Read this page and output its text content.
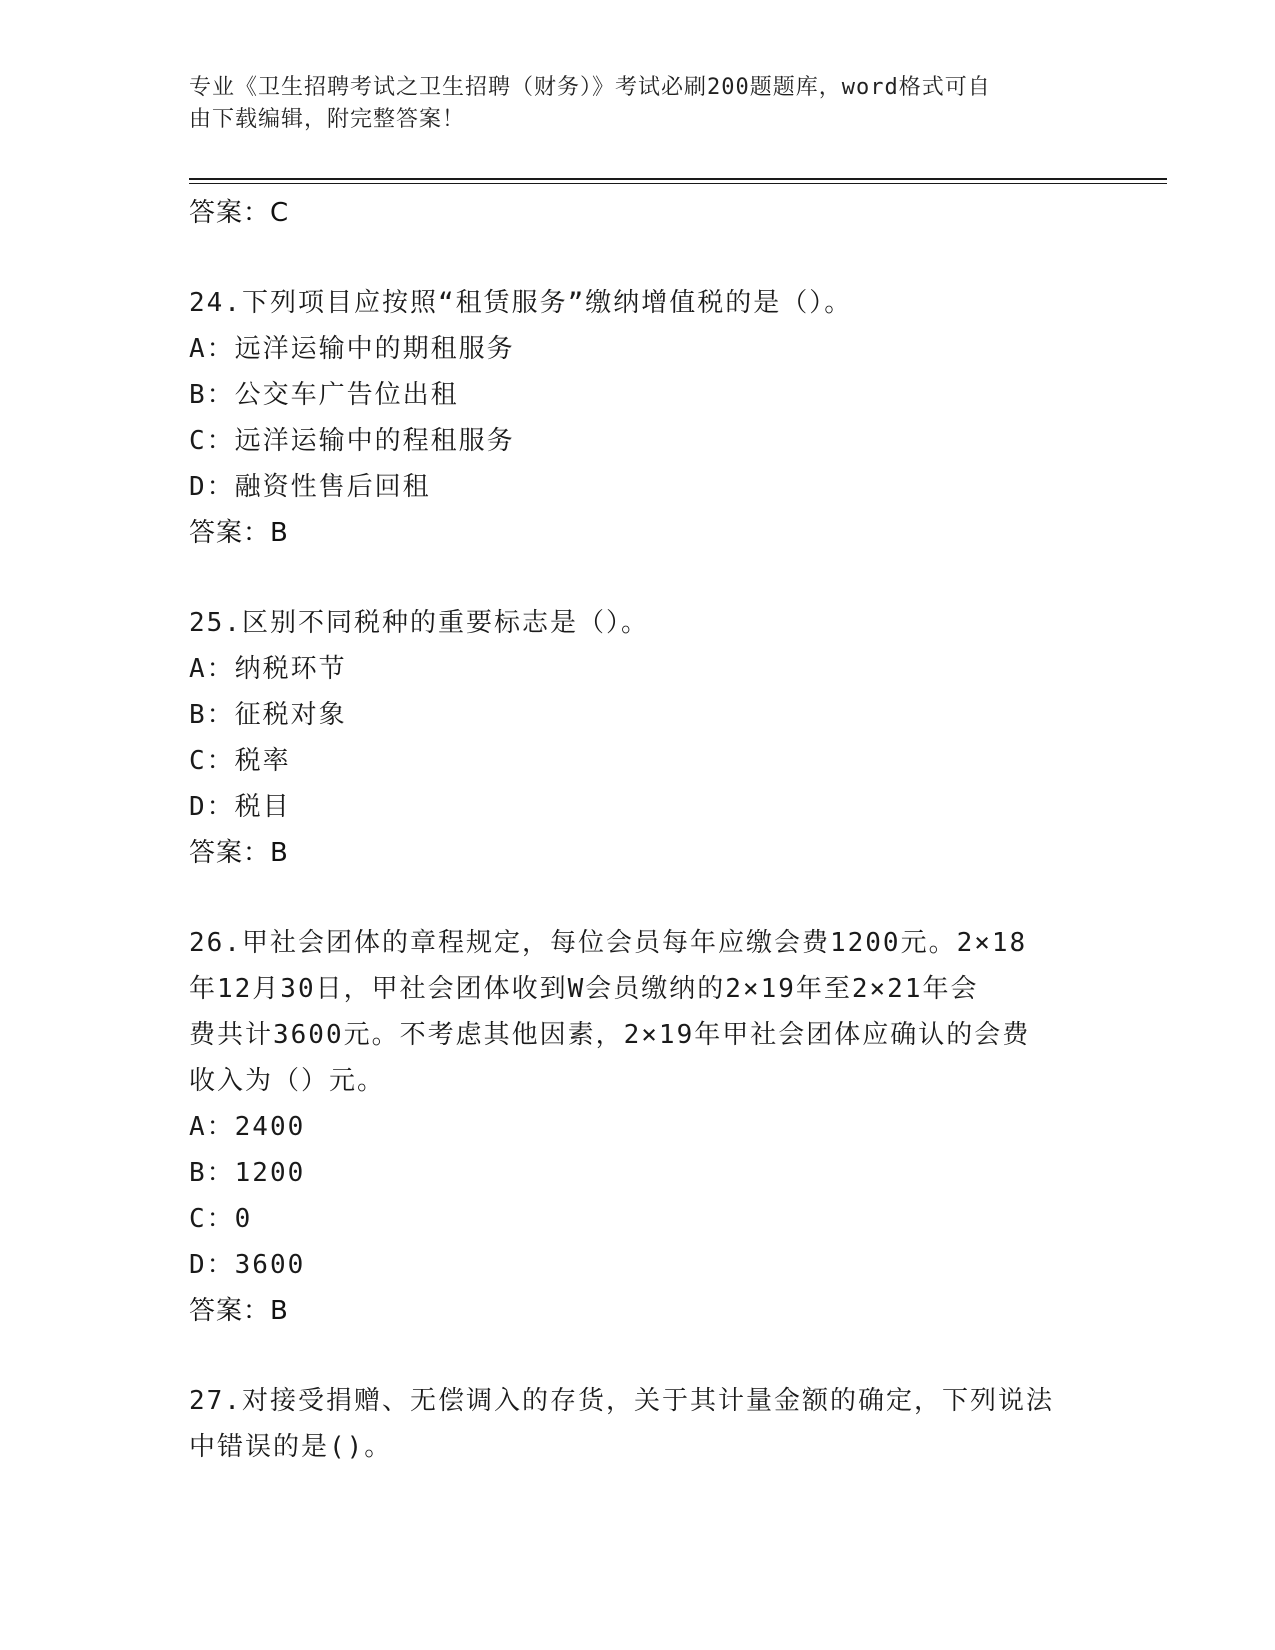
专业《卫生招聘考试之卫生招聘（财务）》考试必刷200题题库，word格式可自
由下载编辑，附完整答案！
答案：C
24.下列项目应按照“租赁服务”缴纳增值税的是（）。
A：远洋运输中的期租服务
B：公交车广告位出租
C：远洋运输中的程租服务
D：融资性售后回租
答案：B
25.区别不同税种的重要标志是（）。
A：纳税环节
B：征税对象
C：税率
D：税目
答案：B
26.甲社会团体的章程规定，每位会员每年应缴会费1200元。2×18
年12月30日，甲社会团体收到W会员缴纳的2×19年至2×21年会
费共计3600元。不考虑其他因素，2×19年甲社会团体应确认的会费
收入为（）元。
A：2400
B：1200
C：0
D：3600
答案：B
27.对接受捐赠、无偿调入的存货，关于其计量金额的确定，下列说法
中错误的是()。
